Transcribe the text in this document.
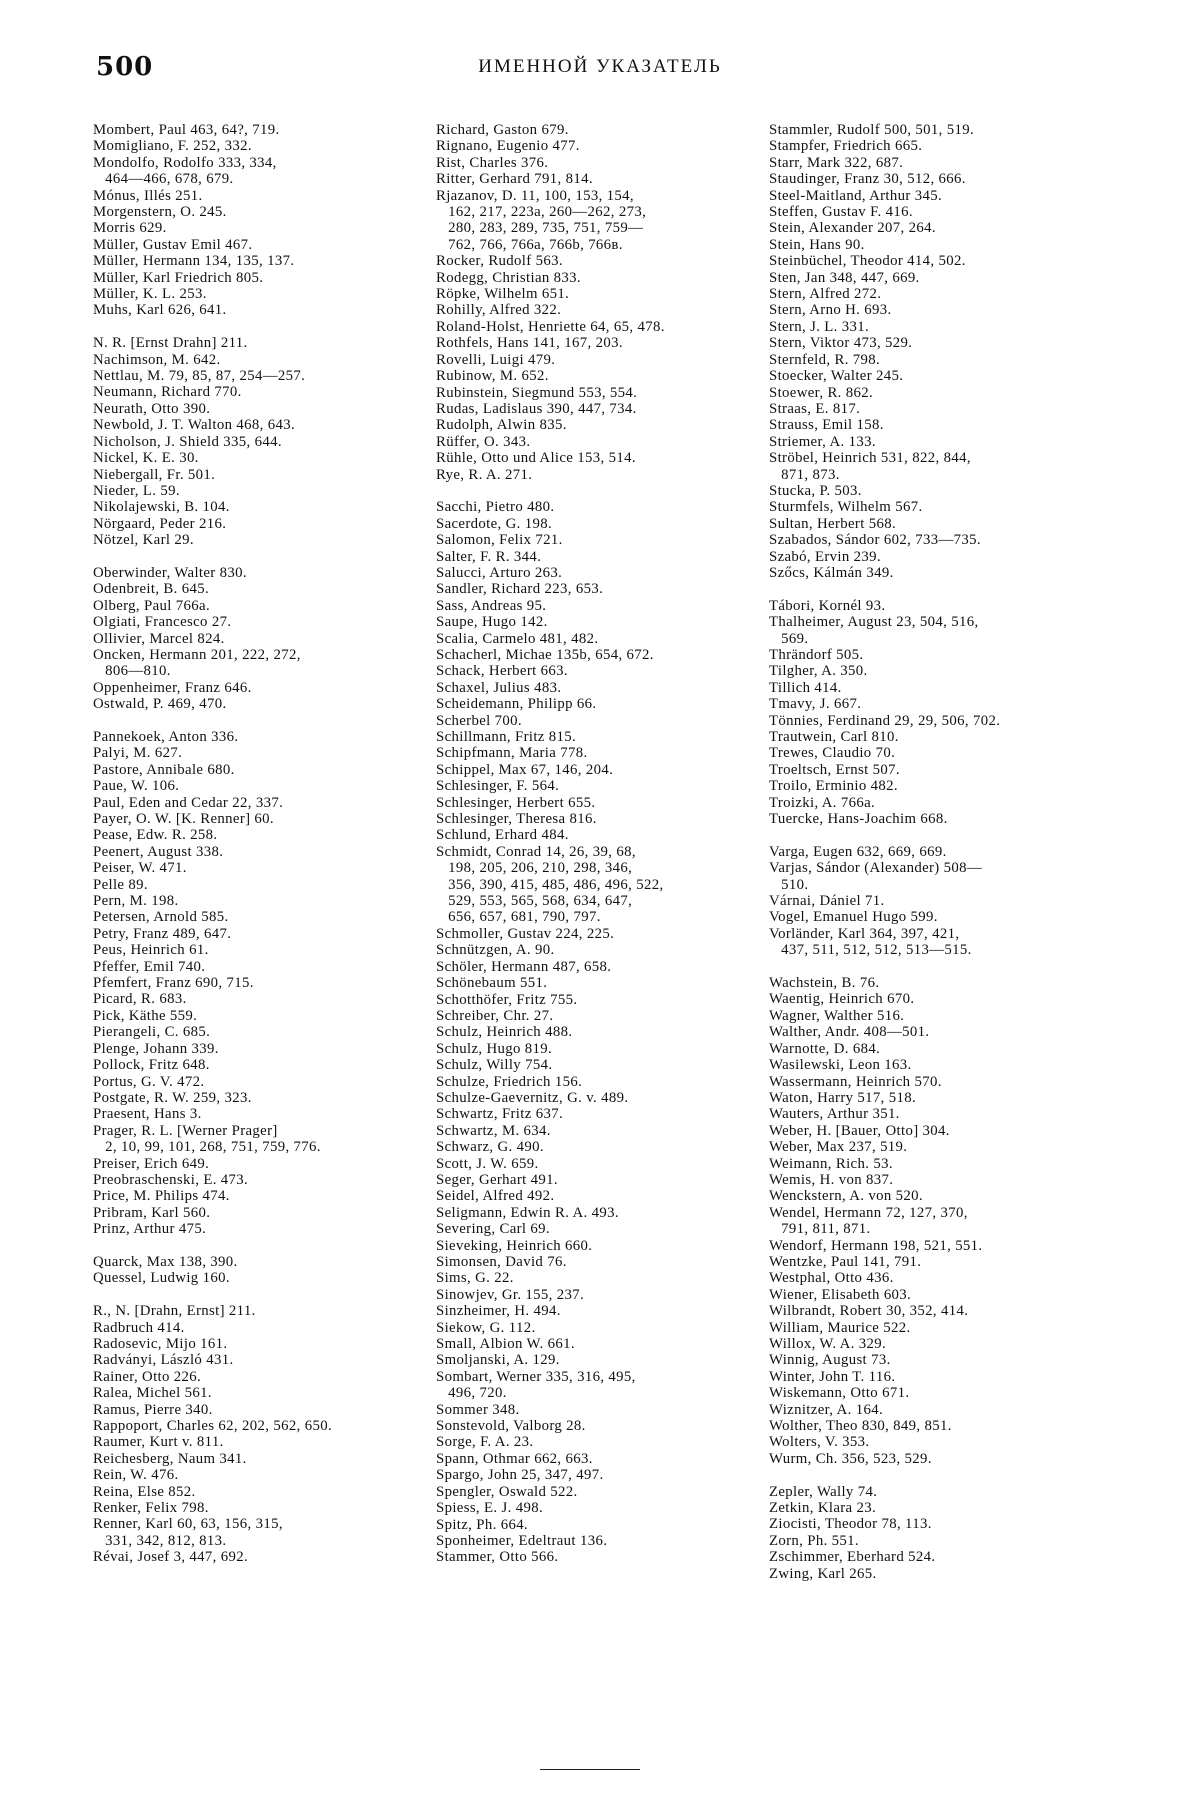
500	ИМЕННОЙ УКАЗАТЕЛЬ
Mombert, Paul 463, 64?, 719.
Momigliano, F. 252, 332.
Mondolfo, Rodolfo 333, 334,
464—466, 678, 679.
Mónus, Illés 251.
Morgenstern, O. 245.
Morris 629.
Müller, Gustav Emil 467.
Müller, Hermann 134, 135, 137.
Müller, Karl Friedrich 805.
Müller, K. L. 253.
Muhs, Karl 626, 641.
N. R. [Ernst Drahn] 211.
Nachimson, M. 642.
Nettlau, M. 79, 85, 87, 254—257.
Neumann, Richard 770.
Neurath, Otto 390.
Newbold, J. T. Walton 468, 643.
Nicholson, J. Shield 335, 644.
Nickel, K. E. 30.
Niebergall, Fr. 501.
Nieder, L. 59.
Nikolajewski, B. 104.
Nörgaard, Peder 216.
Nötzel, Karl 29.
Oberwinder, Walter 830.
Odenbreit, B. 645.
Olberg, Paul 766a.
Olgiati, Francesco 27.
Ollivier, Marcel 824.
Oncken, Hermann 201, 222, 272,
806—810.
Oppenheimer, Franz 646.
Ostwald, P. 469, 470.
Pannekoek, Anton 336.
Palyi, M. 627.
Pastore, Annibale 680.
Paue, W. 106.
Paul, Eden and Cedar 22, 337.
Payer, O. W. [K. Renner] 60.
Pease, Edw. R. 258.
Peenert, August 338.
Peiser, W. 471.
Pelle 89.
Pern, M. 198.
Petersen, Arnold 585.
Petry, Franz 489, 647.
Peus, Heinrich 61.
Pfeffer, Emil 740.
Pfemfert, Franz 690, 715.
Picard, R. 683.
Pick, Käthe 559.
Pierangeli, C. 685.
Plenge, Johann 339.
Pollock, Fritz 648.
Portus, G. V. 472.
Postgate, R. W. 259, 323.
Praesent, Hans 3.
Prager, R. L. [Werner Prager]
2, 10, 99, 101, 268, 751, 759, 776.
Preiser, Erich 649.
Preobraschenski, E. 473.
Price, M. Philips 474.
Pribram, Karl 560.
Prinz, Arthur 475.
Quarck, Max 138, 390.
Quessel, Ludwig 160.
R., N. [Drahn, Ernst] 211.
Radbruch 414.
Radosevic, Mijo 161.
Radványi, László 431.
Rainer, Otto 226.
Ralea, Michel 561.
Ramus, Pierre 340.
Rappoport, Charles 62, 202, 562, 650.
Raumer, Kurt v. 811.
Reichesberg, Naum 341.
Rein, W. 476.
Reina, Else 852.
Renker, Felix 798.
Renner, Karl 60, 63, 156, 315,
331, 342, 812, 813.
Révai, Josef 3, 447, 692.
Richard, Gaston 679.
Rignano, Eugenio 477.
Rist, Charles 376.
Ritter, Gerhard 791, 814.
Rjazanov, D. 11, 100, 153, 154,
162, 217, 223a, 260—262, 273,
280, 283, 289, 735, 751, 759—
762, 766, 766a, 766b, 766в.
Rocker, Rudolf 563.
Rodegg, Christian 833.
Röpke, Wilhelm 651.
Rohilly, Alfred 322.
Roland-Holst, Henriette 64, 65, 478.
Rothfels, Hans 141, 167, 203.
Rovelli, Luigi 479.
Rubinow, M. 652.
Rubinstein, Siegmund 553, 554.
Rudas, Ladislaus 390, 447, 734.
Rudolph, Alwin 835.
Rüffer, O. 343.
Rühle, Otto und Alice 153, 514.
Rye, R. A. 271.
Sacchi, Pietro 480.
Sacerdote, G. 198.
Salomon, Felix 721.
Salter, F. R. 344.
Salucci, Arturo 263.
Sandler, Richard 223, 653.
Sass, Andreas 95.
Saupe, Hugo 142.
Scalia, Carmelo 481, 482.
Schacherl, Michae 135b, 654, 672.
Schack, Herbert 663.
Schaxel, Julius 483.
Scheidemann, Philipp 66.
Scherbel 700.
Schillmann, Fritz 815.
Schipfmann, Maria 778.
Schippel, Max 67, 146, 204.
Schlesinger, F. 564.
Schlesinger, Herbert 655.
Schlesinger, Theresa 816.
Schlund, Erhard 484.
Schmidt, Conrad 14, 26, 39, 68,
198, 205, 206, 210, 298, 346,
356, 390, 415, 485, 486, 496, 522,
529, 553, 565, 568, 634, 647,
656, 657, 681, 790, 797.
Schmoller, Gustav 224, 225.
Schnützgen, A. 90.
Schöler, Hermann 487, 658.
Schönebaum 551.
Schotthöfer, Fritz 755.
Schreiber, Chr. 27.
Schulz, Heinrich 488.
Schulz, Hugo 819.
Schulz, Willy 754.
Schulze, Friedrich 156.
Schulze-Gaevernitz, G. v. 489.
Schwartz, Fritz 637.
Schwartz, M. 634.
Schwarz, G. 490.
Scott, J. W. 659.
Seger, Gerhart 491.
Seidel, Alfred 492.
Seligmann, Edwin R. A. 493.
Severing, Carl 69.
Sieveking, Heinrich 660.
Simonsen, David 76.
Sims, G. 22.
Sinowjev, Gr. 155, 237.
Sinzheimer, H. 494.
Siekow, G. 112.
Small, Albion W. 661.
Smoljanski, A. 129.
Sombart, Werner 335, 316, 495,
496, 720.
Sommer 348.
Sonstevold, Valborg 28.
Sorge, F. A. 23.
Spann, Othmar 662, 663.
Spargo, John 25, 347, 497.
Spengler, Oswald 522.
Spiess, E. J. 498.
Spitz, Ph. 664.
Sponheimer, Edeltraut 136.
Stammer, Otto 566.
Stammler, Rudolf 500, 501, 519.
Stampfer, Friedrich 665.
Starr, Mark 322, 687.
Staudinger, Franz 30, 512, 666.
Steel-Maitland, Arthur 345.
Steffen, Gustav F. 416.
Stein, Alexander 207, 264.
Stein, Hans 90.
Steinbüchel, Theodor 414, 502.
Sten, Jan 348, 447, 669.
Stern, Alfred 272.
Stern, Arno H. 693.
Stern, J. L. 331.
Stern, Viktor 473, 529.
Sternfeld, R. 798.
Stoecker, Walter 245.
Stoewer, R. 862.
Straas, E. 817.
Strauss, Emil 158.
Striemer, A. 133.
Ströbel, Heinrich 531, 822, 844,
871, 873.
Stucka, P. 503.
Sturmfels, Wilhelm 567.
Sultan, Herbert 568.
Szabados, Sándor 602, 733—735.
Szabó, Ervin 239.
Szőcs, Kálmán 349.
Tábori, Kornél 93.
Thalheimer, August 23, 504, 516,
569.
Thrändorf 505.
Tilgher, A. 350.
Tillich 414.
Tmavy, J. 667.
Tönnies, Ferdinand 29, 29, 506, 702.
Trautwein, Carl 810.
Trewes, Claudio 70.
Troeltsch, Ernst 507.
Troilo, Erminio 482.
Troizki, A. 766a.
Tuercke, Hans-Joachim 668.
Varga, Eugen 632, 669, 669.
Varjas, Sándor (Alexander) 508—
510.
Várnai, Dániel 71.
Vogel, Emanuel Hugo 599.
Vorländer, Karl 364, 397, 421,
437, 511, 512, 512, 513—515.
Wachstein, B. 76.
Waentig, Heinrich 670.
Wagner, Walther 516.
Walther, Andr. 408—501.
Warnotte, D. 684.
Wasilewski, Leon 163.
Wassermann, Heinrich 570.
Waton, Harry 517, 518.
Wauters, Arthur 351.
Weber, H. [Bauer, Otto] 304.
Weber, Max 237, 519.
Weimann, Rich. 53.
Wemis, H. von 837.
Wenckstern, A. von 520.
Wendel, Hermann 72, 127, 370,
791, 811, 871.
Wendorf, Hermann 198, 521, 551.
Wentzke, Paul 141, 791.
Westphal, Otto 436.
Wiener, Elisabeth 603.
Wilbrandt, Robert 30, 352, 414.
William, Maurice 522.
Willox, W. A. 329.
Winnig, August 73.
Winter, John T. 116.
Wiskemann, Otto 671.
Wiznitzer, A. 164.
Wolther, Theo 830, 849, 851.
Wolters, V. 353.
Wurm, Ch. 356, 523, 529.
Zepler, Wally 74.
Zetkin, Klara 23.
Ziocisti, Theodor 78, 113.
Zorn, Ph. 551.
Zschimmer, Eberhard 524.
Zwing, Karl 265.
